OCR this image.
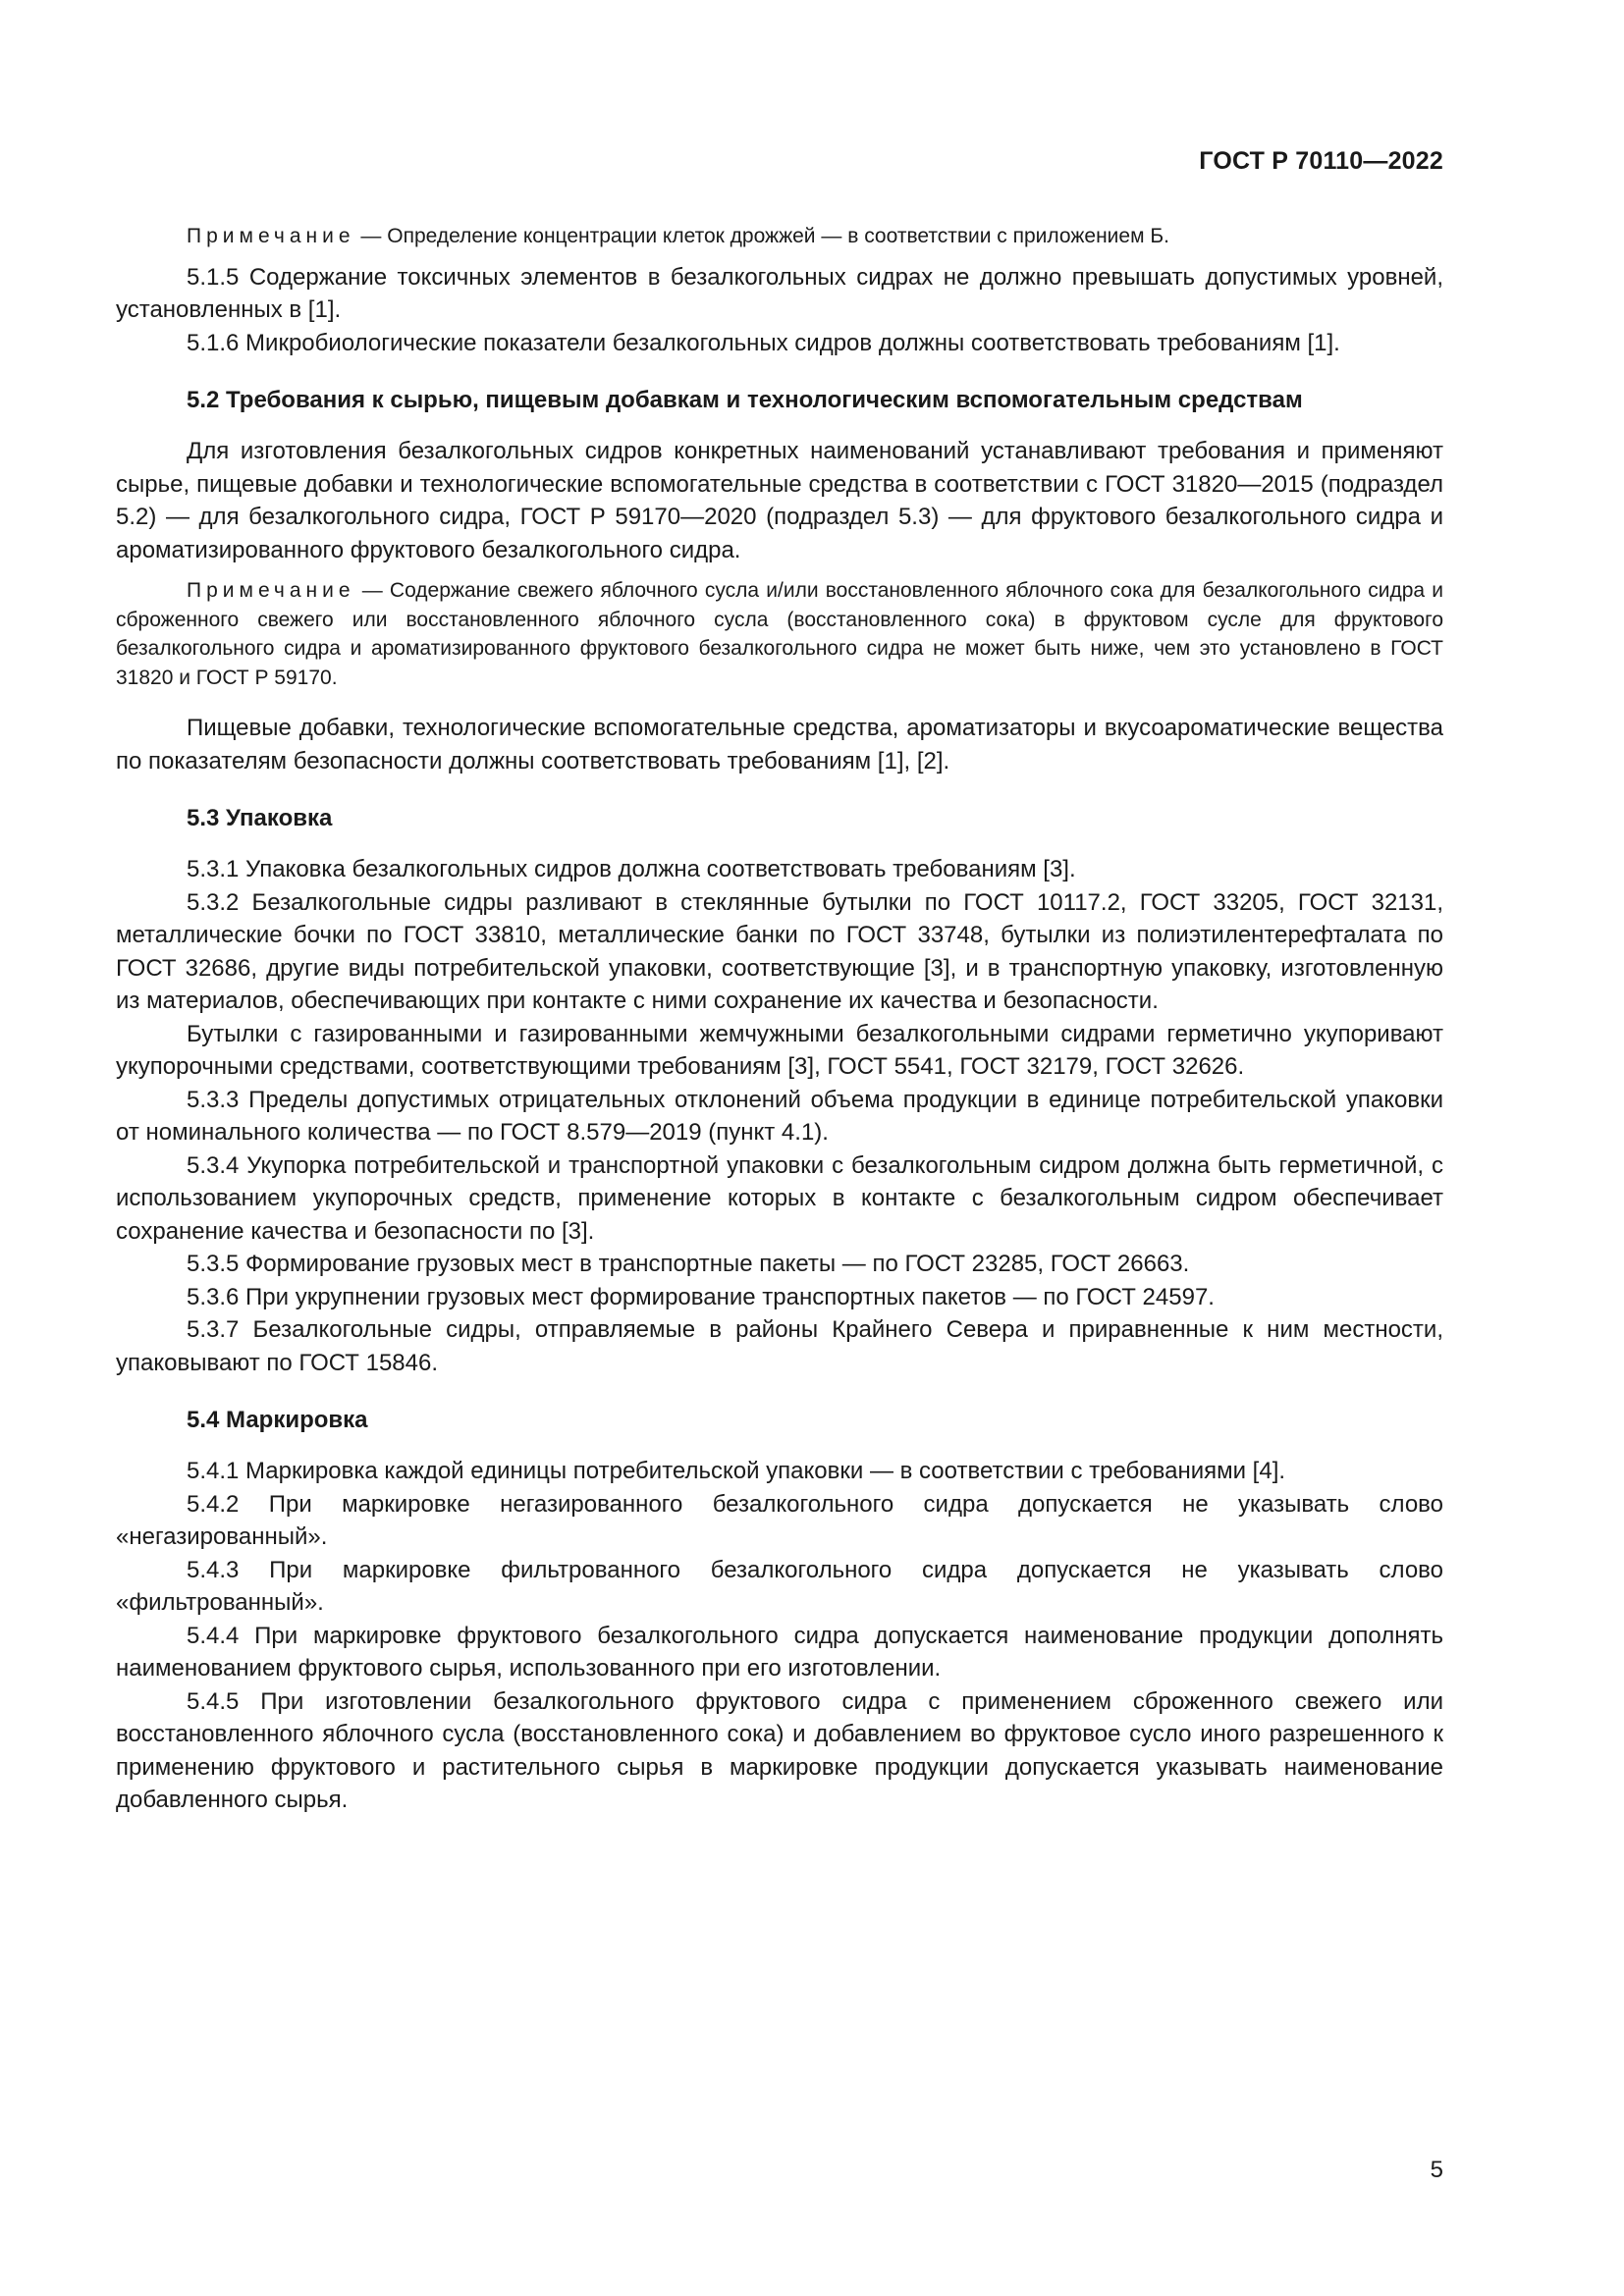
ГОСТ Р 70110—2022
Примечание — Определение концентрации клеток дрожжей — в соответствии с приложением Б.

5.1.5 Содержание токсичных элементов в безалкогольных сидрах не должно превышать допустимых уровней, установленных в [1].

5.1.6 Микробиологические показатели безалкогольных сидров должны соответствовать требованиям [1].

5.2 Требования к сырью, пищевым добавкам и технологическим вспомогательным средствам

Для изготовления безалкогольных сидров конкретных наименований устанавливают требования и применяют сырье, пищевые добавки и технологические вспомогательные средства в соответствии с ГОСТ 31820—2015 (подраздел 5.2) — для безалкогольного сидра, ГОСТ Р 59170—2020 (подраздел 5.3) — для фруктового безалкогольного сидра и ароматизированного фруктового безалкогольного сидра.

Примечание — Содержание свежего яблочного сусла и/или восстановленного яблочного сока для безалкогольного сидра и сброженного свежего или восстановленного яблочного сусла (восстановленного сока) в фруктовом сусле для фруктового безалкогольного сидра и ароматизированного фруктового безалкогольного сидра не может быть ниже, чем это установлено в ГОСТ 31820 и ГОСТ Р 59170.

Пищевые добавки, технологические вспомогательные средства, ароматизаторы и вкусоароматические вещества по показателям безопасности должны соответствовать требованиям [1], [2].

5.3 Упаковка

5.3.1 Упаковка безалкогольных сидров должна соответствовать требованиям [3].

5.3.2 Безалкогольные сидры разливают в стеклянные бутылки по ГОСТ 10117.2, ГОСТ 33205, ГОСТ 32131, металлические бочки по ГОСТ 33810, металлические банки по ГОСТ 33748, бутылки из полиэтилентерефталата по ГОСТ 32686, другие виды потребительской упаковки, соответствующие [3], и в транспортную упаковку, изготовленную из материалов, обеспечивающих при контакте с ними сохранение их качества и безопасности.

Бутылки с газированными и газированными жемчужными безалкогольными сидрами герметично укупоривают укупорочными средствами, соответствующими требованиям [3], ГОСТ 5541, ГОСТ 32179, ГОСТ 32626.

5.3.3 Пределы допустимых отрицательных отклонений объема продукции в единице потребительской упаковки от номинального количества — по ГОСТ 8.579—2019 (пункт 4.1).

5.3.4 Укупорка потребительской и транспортной упаковки с безалкогольным сидром должна быть герметичной, с использованием укупорочных средств, применение которых в контакте с безалкогольным сидром обеспечивает сохранение качества и безопасности по [3].

5.3.5 Формирование грузовых мест в транспортные пакеты — по ГОСТ 23285, ГОСТ 26663.

5.3.6 При укрупнении грузовых мест формирование транспортных пакетов — по ГОСТ 24597.

5.3.7 Безалкогольные сидры, отправляемые в районы Крайнего Севера и приравненные к ним местности, упаковывают по ГОСТ 15846.

5.4 Маркировка

5.4.1 Маркировка каждой единицы потребительской упаковки — в соответствии с требованиями [4].

5.4.2 При маркировке негазированного безалкогольного сидра допускается не указывать слово «негазированный».

5.4.3 При маркировке фильтрованного безалкогольного сидра допускается не указывать слово «фильтрованный».

5.4.4 При маркировке фруктового безалкогольного сидра допускается наименование продукции дополнять наименованием фруктового сырья, использованного при его изготовлении.

5.4.5 При изготовлении безалкогольного фруктового сидра с применением сброженного свежего или восстановленного яблочного сусла (восстановленного сока) и добавлением во фруктовое сусло иного разрешенного к применению фруктового и растительного сырья в маркировке продукции допускается указывать наименование добавленного сырья.

5
